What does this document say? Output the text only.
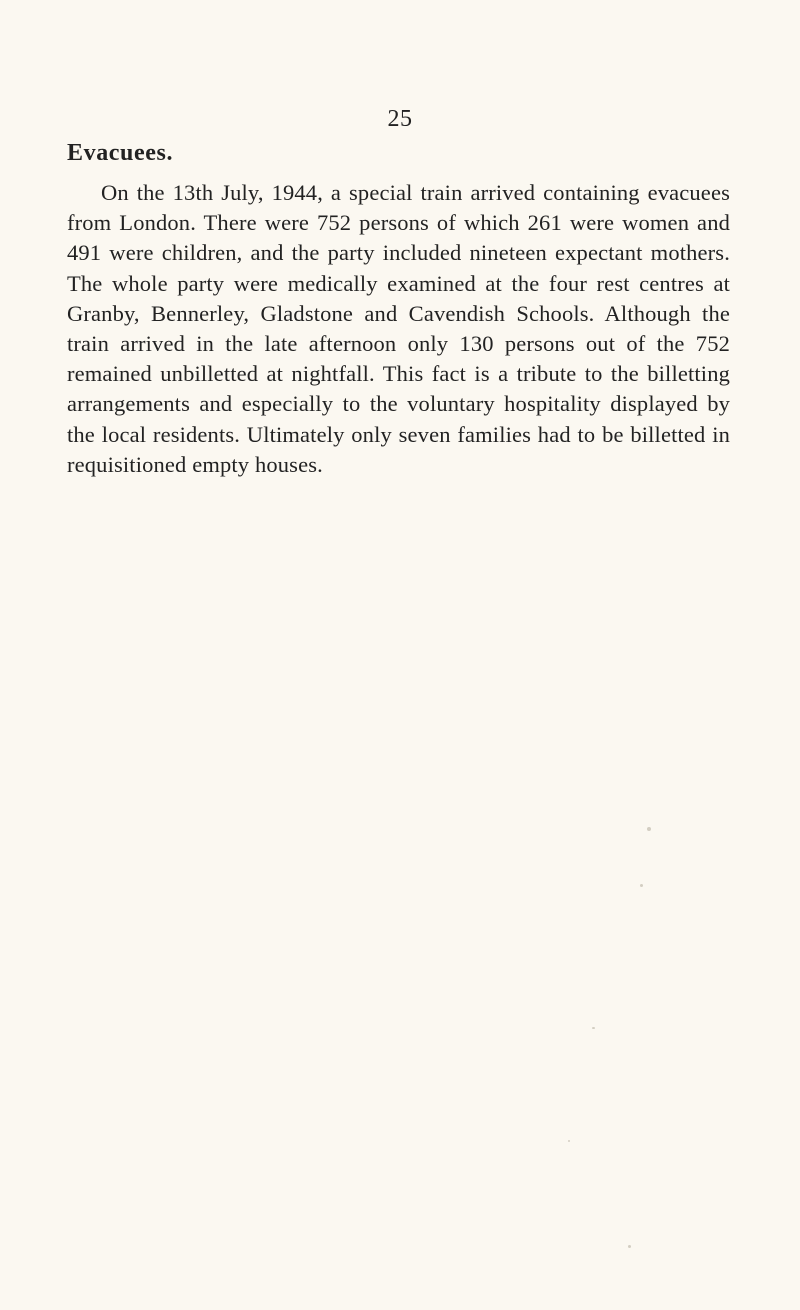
25
Evacuees.

On the 13th July, 1944, a special train arrived containing evacuees from London. There were 752 persons of which 261 were women and 491 were children, and the party included nineteen expectant mothers. The whole party were medically examined at the four rest centres at Granby, Bennerley, Gladstone and Cavendish Schools. Although the train arrived in the late afternoon only 130 persons out of the 752 remained unbilletted at nightfall. This fact is a tribute to the billetting arrangements and especially to the voluntary hospitality displayed by the local residents. Ultimately only seven families had to be billetted in requisitioned empty houses.
